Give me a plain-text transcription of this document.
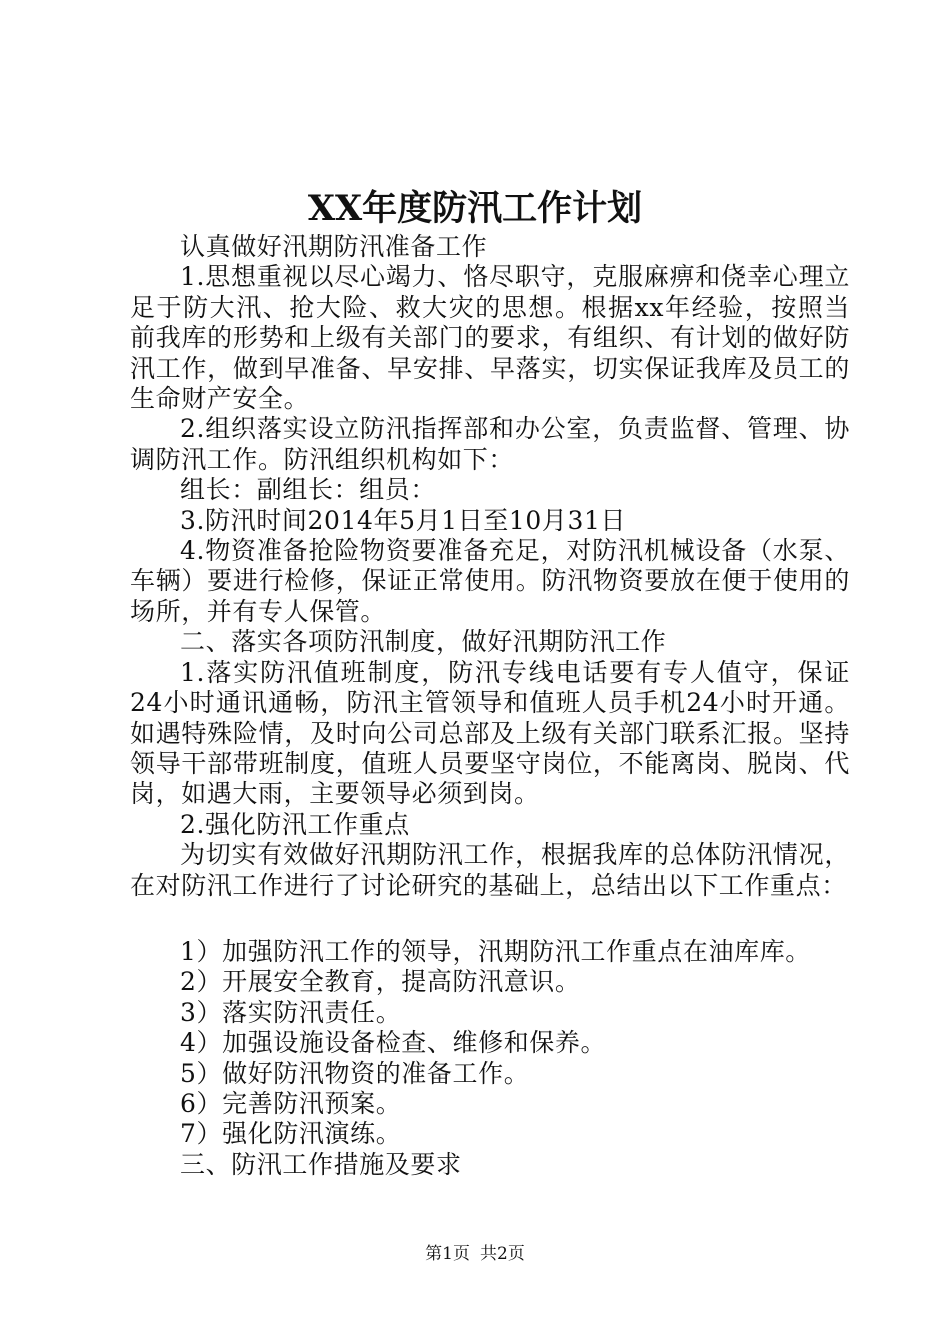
XX年度防汛工作计划

认真做好汛期防汛准备工作

1.思想重视以尽心竭力、恪尽职守，克服麻痹和侥幸心理立足于防大汛、抢大险、救大灾的思想。根据xx年经验，按照当前我库的形势和上级有关部门的要求，有组织、有计划的做好防汛工作，做到早准备、早安排、早落实，切实保证我库及员工的生命财产安全。

2.组织落实设立防汛指挥部和办公室，负责监督、管理、协调防汛工作。防汛组织机构如下：

组长：副组长：组员：

3.防汛时间2014年5月1日至10月31日

4.物资准备抢险物资要准备充足，对防汛机械设备（水泵、车辆）要进行检修，保证正常使用。防汛物资要放在便于使用的场所，并有专人保管。

二、落实各项防汛制度，做好汛期防汛工作

1.落实防汛值班制度，防汛专线电话要有专人值守，保证24小时通讯通畅，防汛主管领导和值班人员手机24小时开通。如遇特殊险情，及时向公司总部及上级有关部门联系汇报。坚持领导干部带班制度，值班人员要坚守岗位，不能离岗、脱岗、代岗，如遇大雨，主要领导必须到岗。

2.强化防汛工作重点

为切实有效做好汛期防汛工作，根据我库的总体防汛情况，在对防汛工作进行了讨论研究的基础上，总结出以下工作重点：

1）加强防汛工作的领导，汛期防汛工作重点在油库库。

2）开展安全教育，提高防汛意识。

3）落实防汛责任。

4）加强设施设备检查、维修和保养。

5）做好防汛物资的准备工作。

6）完善防汛预案。

7）强化防汛演练。

三、防汛工作措施及要求

第1页 共2页
